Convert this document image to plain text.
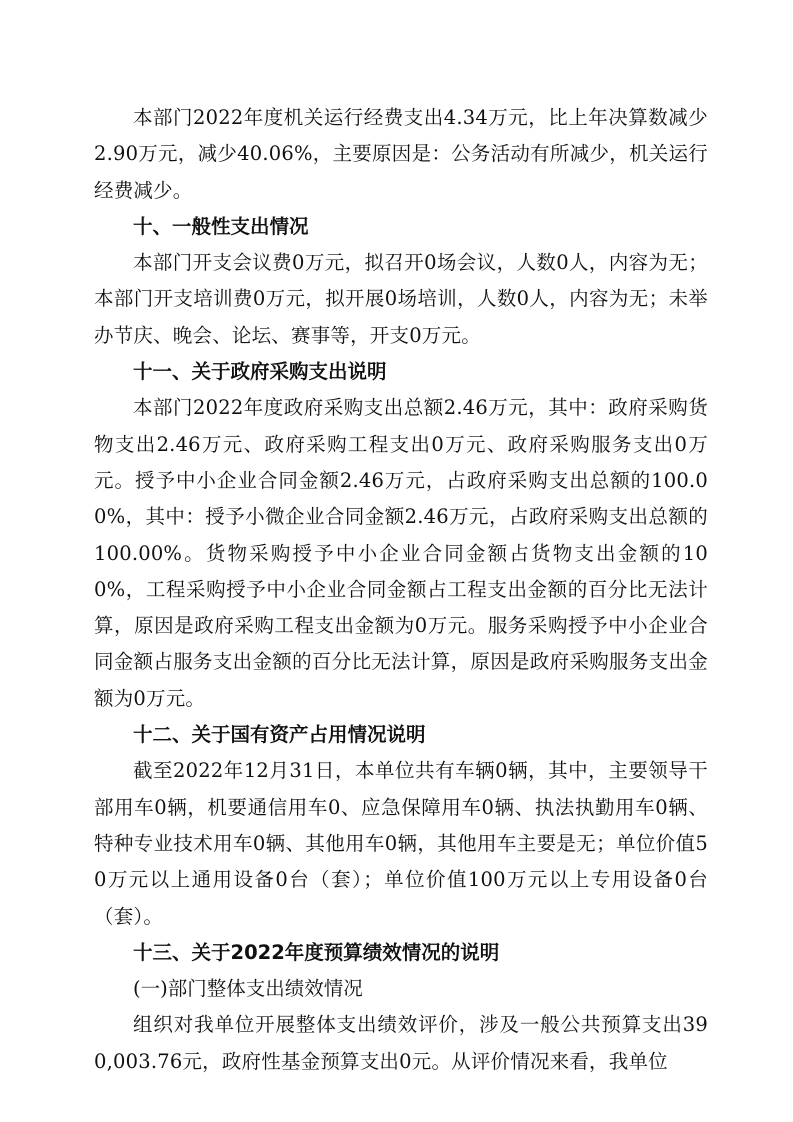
本部门2022年度机关运行经费支出4.34万元，比上年决算数减少2.90万元，减少40.06%，主要原因是：公务活动有所减少，机关运行经费减少。

十、一般性支出情况

本部门开支会议费0万元，拟召开0场会议，人数0人，内容为无；本部门开支培训费0万元，拟开展0场培训，人数0人，内容为无；未举办节庆、晚会、论坛、赛事等，开支0万元。

十一、关于政府采购支出说明

本部门2022年度政府采购支出总额2.46万元，其中：政府采购货物支出2.46万元、政府采购工程支出0万元、政府采购服务支出0万元。授予中小企业合同金额2.46万元，占政府采购支出总额的100.00%，其中：授予小微企业合同金额2.46万元，占政府采购支出总额的100.00%。货物采购授予中小企业合同金额占货物支出金额的100%，工程采购授予中小企业合同金额占工程支出金额的百分比无法计算，原因是政府采购工程支出金额为0万元。服务采购授予中小企业合同金额占服务支出金额的百分比无法计算，原因是政府采购服务支出金额为0万元。

十二、关于国有资产占用情况说明

截至2022年12月31日，本单位共有车辆0辆，其中，主要领导干部用车0辆，机要通信用车0、应急保障用车0辆、执法执勤用车0辆、特种专业技术用车0辆、其他用车0辆，其他用车主要是无；单位价值50万元以上通用设备0台（套）；单位价值100万元以上专用设备0台（套）。

十三、关于2022年度预算绩效情况的说明

(一)部门整体支出绩效情况

组织对我单位开展整体支出绩效评价，涉及一般公共预算支出390,003.76元，政府性基金预算支出0元。从评价情况来看，我单位
